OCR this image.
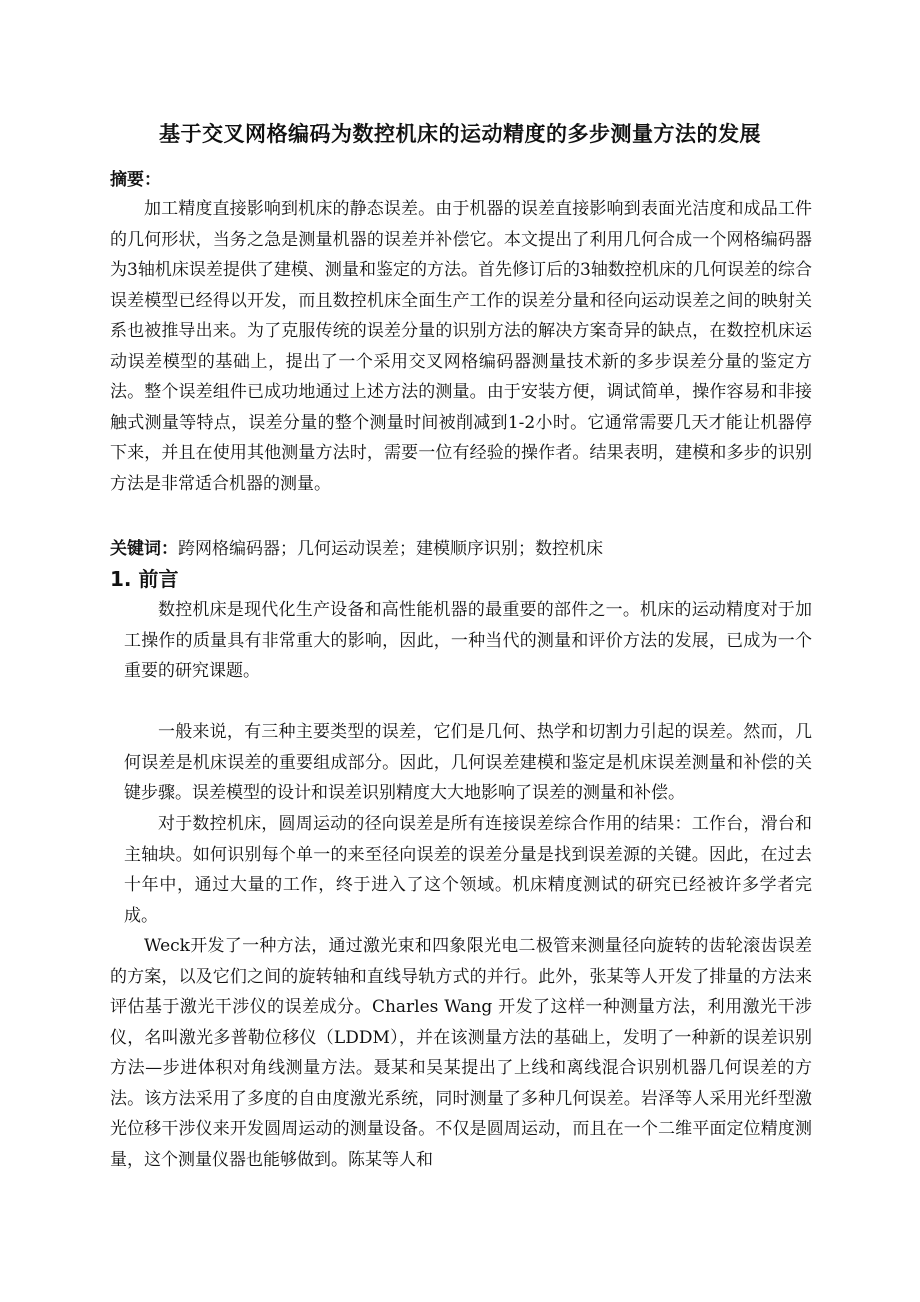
基于交叉网格编码为数控机床的运动精度的多步测量方法的发展
摘要：

加工精度直接影响到机床的静态误差。由于机器的误差直接影响到表面光洁度和成品工件的几何形状，当务之急是测量机器的误差并补偿它。本文提出了利用几何合成一个网格编码器为3轴机床误差提供了建模、测量和鉴定的方法。首先修订后的3轴数控机床的几何误差的综合误差模型已经得以开发，而且数控机床全面生产工作的误差分量和径向运动误差之间的映射关系也被推导出来。为了克服传统的误差分量的识别方法的解决方案奇异的缺点，在数控机床运动误差模型的基础上，提出了一个采用交叉网格编码器测量技术新的多步误差分量的鉴定方法。整个误差组件已成功地通过上述方法的测量。由于安装方便，调试简单，操作容易和非接触式测量等特点，误差分量的整个测量时间被削减到1-2小时。它通常需要几天才能让机器停下来，并且在使用其他测量方法时，需要一位有经验的操作者。结果表明，建模和多步的识别方法是非常适合机器的测量。

关键词：跨网格编码器；几何运动误差；建模顺序识别；数控机床
1. 前言

数控机床是现代化生产设备和高性能机器的最重要的部件之一。机床的运动精度对于加工操作的质量具有非常重大的影响，因此，一种当代的测量和评价方法的发展，已成为一个重要的研究课题。

一般来说，有三种主要类型的误差，它们是几何、热学和切割力引起的误差。然而，几何误差是机床误差的重要组成部分。因此，几何误差建模和鉴定是机床误差测量和补偿的关键步骤。误差模型的设计和误差识别精度大大地影响了误差的测量和补偿。

对于数控机床，圆周运动的径向误差是所有连接误差综合作用的结果：工作台，滑台和主轴块。如何识别每个单一的来至径向误差的误差分量是找到误差源的关键。因此，在过去十年中，通过大量的工作，终于进入了这个领域。机床精度测试的研究已经被许多学者完成。

Weck开发了一种方法，通过激光束和四象限光电二极管来测量径向旋转的齿轮滚齿误差的方案，以及它们之间的旋转轴和直线导轨方式的并行。此外，张某等人开发了排量的方法来评估基于激光干涉仪的误差成分。Charles Wang 开发了这样一种测量方法，利用激光干涉仪，名叫激光多普勒位移仪（LDDM），并在该测量方法的基础上，发明了一种新的误差识别方法—步进体积对角线测量方法。聂某和吴某提出了上线和离线混合识别机器几何误差的方法。该方法采用了多度的自由度激光系统，同时测量了多种几何误差。岩泽等人采用光纤型激光位移干涉仪来开发圆周运动的测量设备。不仅是圆周运动，而且在一个二维平面定位精度测量，这个测量仪器也能够做到。陈某等人和
